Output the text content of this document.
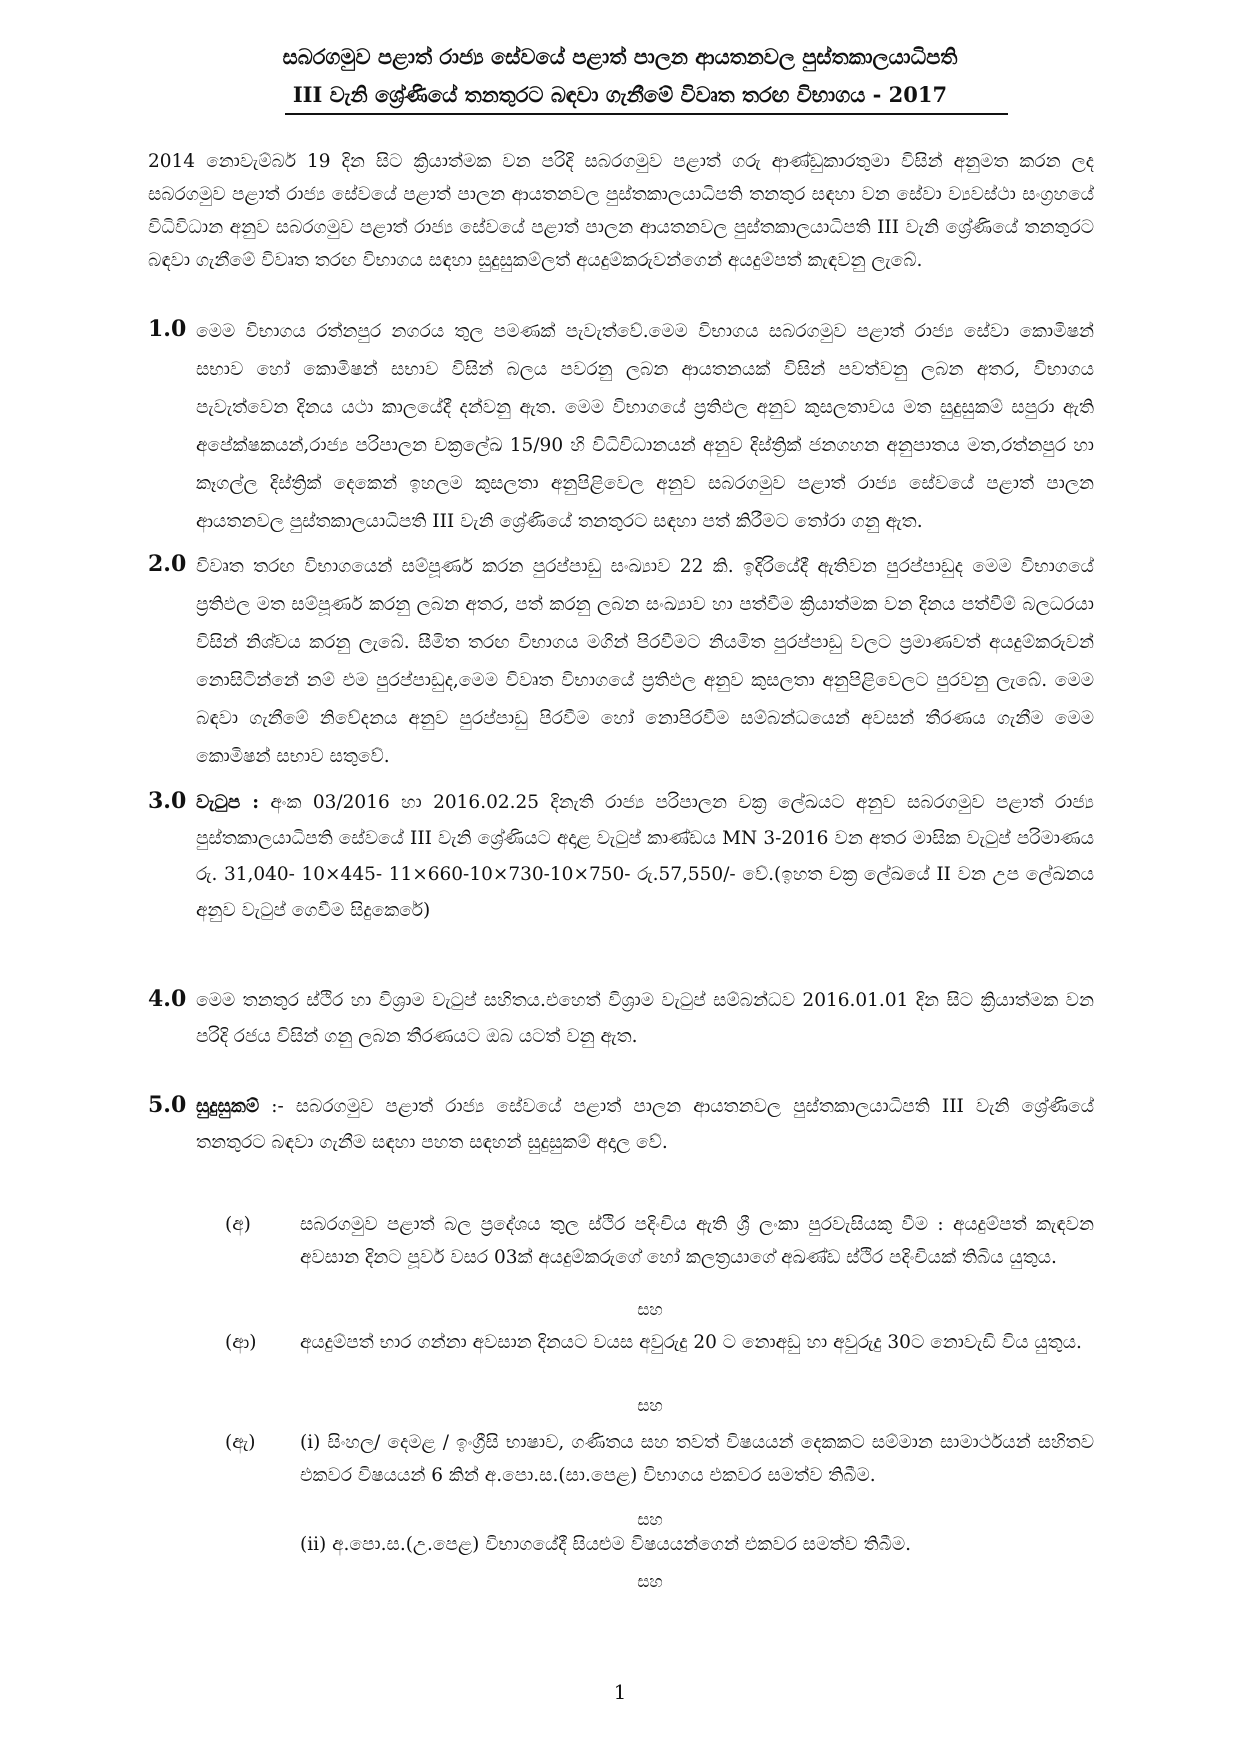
සබරගමුව පළාත් රාජ්‍ය සේවයේ පළාත් පාලන ආයතනවල පුස්තකාලයාධිපති
III වැනි ශ්‍රේණියේ තනතුරට බඳවා ගැනීමේ විවෘත තරඟ විභාගය - 2017
2014 නොවැම්බර් 19 දින සිට ක්‍රියාත්මක වන පරිදි සබරගමුව පළාත් ගරු ආණ්ඩුකාරතුමා විසින් අනුමත කරන ලද සබරගමුව පළාත් රාජ්‍ය සේවයේ පළාත් පාලන ආයතනවල පුස්තකාලයාධිපති තනතුර සඳහා වන සේවා ව්‍යවස්ථා සංග්‍රහයේ විධිවිධාන අනුව සබරගමුව පළාත් රාජ්‍ය සේවයේ පළාත් පාලන ආයතනවල පුස්තකාලයාධිපති III වැනි ශ්‍රේණියේ තනතුරට බඳවා ගැනීමේ විවෘත තරඟ විභාගය සඳහා සුදුසුකම්ලත් අයදුම්කරුවන්ගෙන් අයදුම්පත් කැඳවනු ලැබේ.
1.0 මෙම විභාගය රත්නපුර නගරය තුල පමණක් පැවැත්වේ.මෙම විභාගය සබරගමුව පළාත් රාජ්‍ය සේවා කොමිෂන් සභාව හෝ කොමිෂන් සභාව විසින් බලය පවරනු ලබන ආයතනයක් විසින් පවත්වනු ලබන අතර, විභාගය පැවැත්වෙන දිනය යථා කාලයේදී දන්වනු ඇත. මෙම විභාගයේ ප්‍රතිඵල අනුව කුසලතාවය මත සුදුසුකම් සපුරා ඇති අපේක්ෂකයන්,රාජ්‍ය පරිපාලන චක්‍රලේඛ 15/90 හි විධිවිධානයන් අනුව දිස්ත්‍රික් ජනගහන අනුපාතය මත,රත්නපුර හා කෑගල්ල දිස්ත්‍රික් දෙකෙන් ඉහලම කුසලතා අනුපිළිවෙල අනුව සබරගමුව පළාත් රාජ්‍ය සේවයේ පළාත් පාලන ආයතනවල පුස්තකාලයාධිපති III වැනි ශ්‍රේණියේ තනතුරට සඳහා පත් කිරීමට තෝරා ගනු ඇත.
2.0 විවෘත තරඟ විභාගයෙන් සම්පූර්ණ කරන පුරප්පාඩු සංඛ්‍යාව 22 කි. ඉදිරියේදී ඇතිවන පුරප්පාඩුද මෙම විභාගයේ ප්‍රතිඵල මත සම්පූර්ණ කරනු ලබන අතර, පත් කරනු ලබන සංඛ්‍යාව හා පත්වීම ක්‍රියාත්මක වන දිනය පත්වීම් බලධරයා විසින් නිශ්චය කරනු ලැබේ. සීමිත තරඟ විභාගය මගින් පිරවීමට නියමිත පුරප්පාඩු වලට ප්‍රමාණවත් අයදුම්කරුවන් නොසිටින්නේ නම් එම පුරප්පාඩුද,මෙම විවෘත විභාගයේ ප්‍රතිඵල අනුව කුසලතා අනුපිළිවෙලට පුරවනු ලැබේ. මෙම බඳවා ගැනීමේ නිවේදනය අනුව පුරප්පාඩු පිරවීම හෝ නොපිරවීම සම්බන්ධයෙන් අවසන් තීරණය ගැනීම මෙම කොමිෂන් සභාව සතුවේ.
3.0 වැටුප : අංක 03/2016 හා 2016.02.25 දිනැති රාජ්‍ය පරිපාලන චක්‍ර ලේඛයට අනුව සබරගමුව පළාත් රාජ්‍ය පුස්තකාලයාධිපති සේවයේ III වැනි ශ්‍රේණියට අදාළ වැටුප් කාණ්ඩය MN 3-2016 වන අතර මාසික වැටුප් පරිමාණය රු. 31,040- 10×445- 11×660-10×730-10×750- රු.57,550/- වේ.(ඉහත චක්‍ර ලේඛයේ II වන උප ලේඛනය අනුව වැටුප් ගෙවීම සිදුකෙරේ)
4.0 මෙම තනතුර ස්ථිර හා විශ්‍රාම වැටුප් සහිතය.එහෙත් විශ්‍රාම වැටුප් සම්බන්ධව 2016.01.01 දින සිට ක්‍රියාත්මක වන පරිදි රජය විසින් ගනු ලබන තීරණයට ඔබ යටත් වනු ඇත.
5.0 සුදුසුකම් :- සබරගමුව පළාත් රාජ්‍ය සේවයේ පළාත් පාලන ආයතනවල පුස්තකාලයාධිපති III වැනි ශ්‍රේණියේ තනතුරට බඳවා ගැනීම සඳහා පහත සඳහන් සුදුසුකම් අදාල වේ.
(අ)	සබරගමුව පළාත් බල ප්‍රදේශය තුල ස්ථිර පදිංචිය ඇති ශ්‍රී ලංකා පුරවැසියකු වීම : අයදුම්පත් කැඳවන අවසාන දිනට පූර්ව වසර 03ක් අයදුම්කරුගේ හෝ කලත්‍රයාගේ අඛණ්ඩ ස්ථිර පදිංචියක් තිබිය යුතුය.
සහ
(ආ)	අයදුම්පත් භාර ගන්නා අවසාන දිනයට වයස අවුරුදු 20 ට නොඅඩු හා අවුරුදු 30ට නොවැඩි විය යුතුය.
සහ
(ඇ)	(i) සිංහල/ දෙමළ / ඉංග්‍රීසි භාෂාව, ගණිතය සහ තවත් විෂයයන් දෙකකට සම්මාන සාමාර්ථයන් සහිතව එකවර විෂයයන් 6 කින් අ.පො.ස.(සා.පෙළ) විභාගය එකවර සමත්ව තිබීම.
සහ
(ii) අ.පො.ස.(උ.පෙළ) විභාගයේදී සියළුම විෂයයන්ගෙන් එකවර සමත්ව තිබීම.
සහ
1
